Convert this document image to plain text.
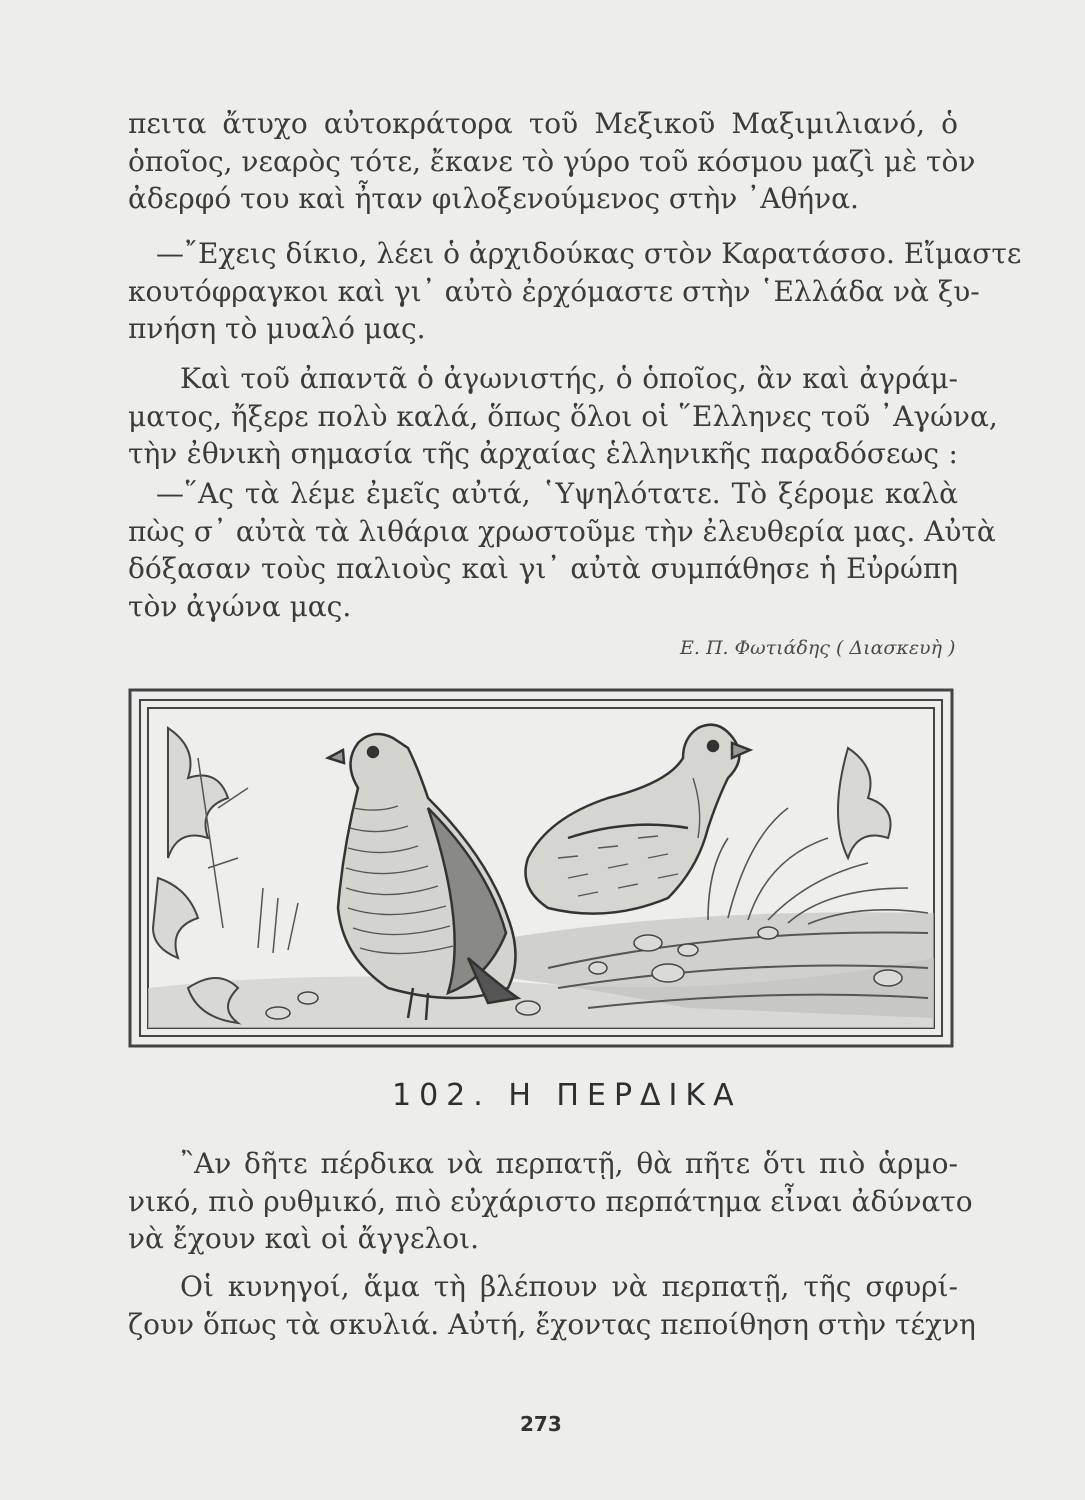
πειτα ἄτυχο αὐτοκράτορα τοῦ Μεξικοῦ Μαξιμιλιανό, ὁ
ὁποῖος, νεαρὸς τότε, ἔκανε τὸ γύρο τοῦ κόσμου μαζὶ μὲ τὸν
ἀδερφό του καὶ ἦταν φιλοξενούμενος στὴν ᾿Αθήνα.
—῎Εχεις δίκιο, λέει ὁ ἀρχιδούκας στὸν Καρατάσσο. Εἴμαστε
κουτόφραγκοι καὶ γι᾿ αὐτὸ ἐρχόμαστε στὴν ῾Ελλάδα νὰ ξυ-
πνήση τὸ μυαλό μας.
Καὶ τοῦ ἀπαντᾶ ὁ ἀγωνιστής, ὁ ὁποῖος, ἂν καὶ ἀγράμ-
ματος, ἤξερε πολὺ καλά, ὅπως ὅλοι οἱ ῞Ελληνες τοῦ ᾿Αγώνα,
τὴν ἐθνικὴ σημασία τῆς ἀρχαίας ἑλληνικῆς παραδόσεως :
—῞Ας τὰ λέμε ἐμεῖς αὐτά, ῾Υψηλότατε. Τὸ ξέρομε καλὰ
πὼς σ᾿ αὐτὰ τὰ λιθάρια χρωστοῦμε τὴν ἐλευθερία μας. Αὐτὰ
δόξασαν τοὺς παλιοὺς καὶ γι᾿ αὐτὰ συμπάθησε ἡ Εὐρώπη
τὸν ἀγώνα μας.
Ε. Π. Φωτιάδης ( Διασκευὴ )
102. Η ΠΕΡΔΙΚΑ
῍Αν δῆτε πέρδικα νὰ περπατῇ, θὰ πῆτε ὅτι πιὸ ἁρμο-
νικό, πιὸ ρυθμικό, πιὸ εὐχάριστο περπάτημα εἶναι ἀδύνατο
νὰ ἔχουν καὶ οἱ ἄγγελοι.
Οἱ κυνηγοί, ἅμα τὴ βλέπουν νὰ περπατῇ, τῆς σφυρί-
ζουν ὅπως τὰ σκυλιά. Αὐτή, ἔχοντας πεποίθηση στὴν τέχνη
273
